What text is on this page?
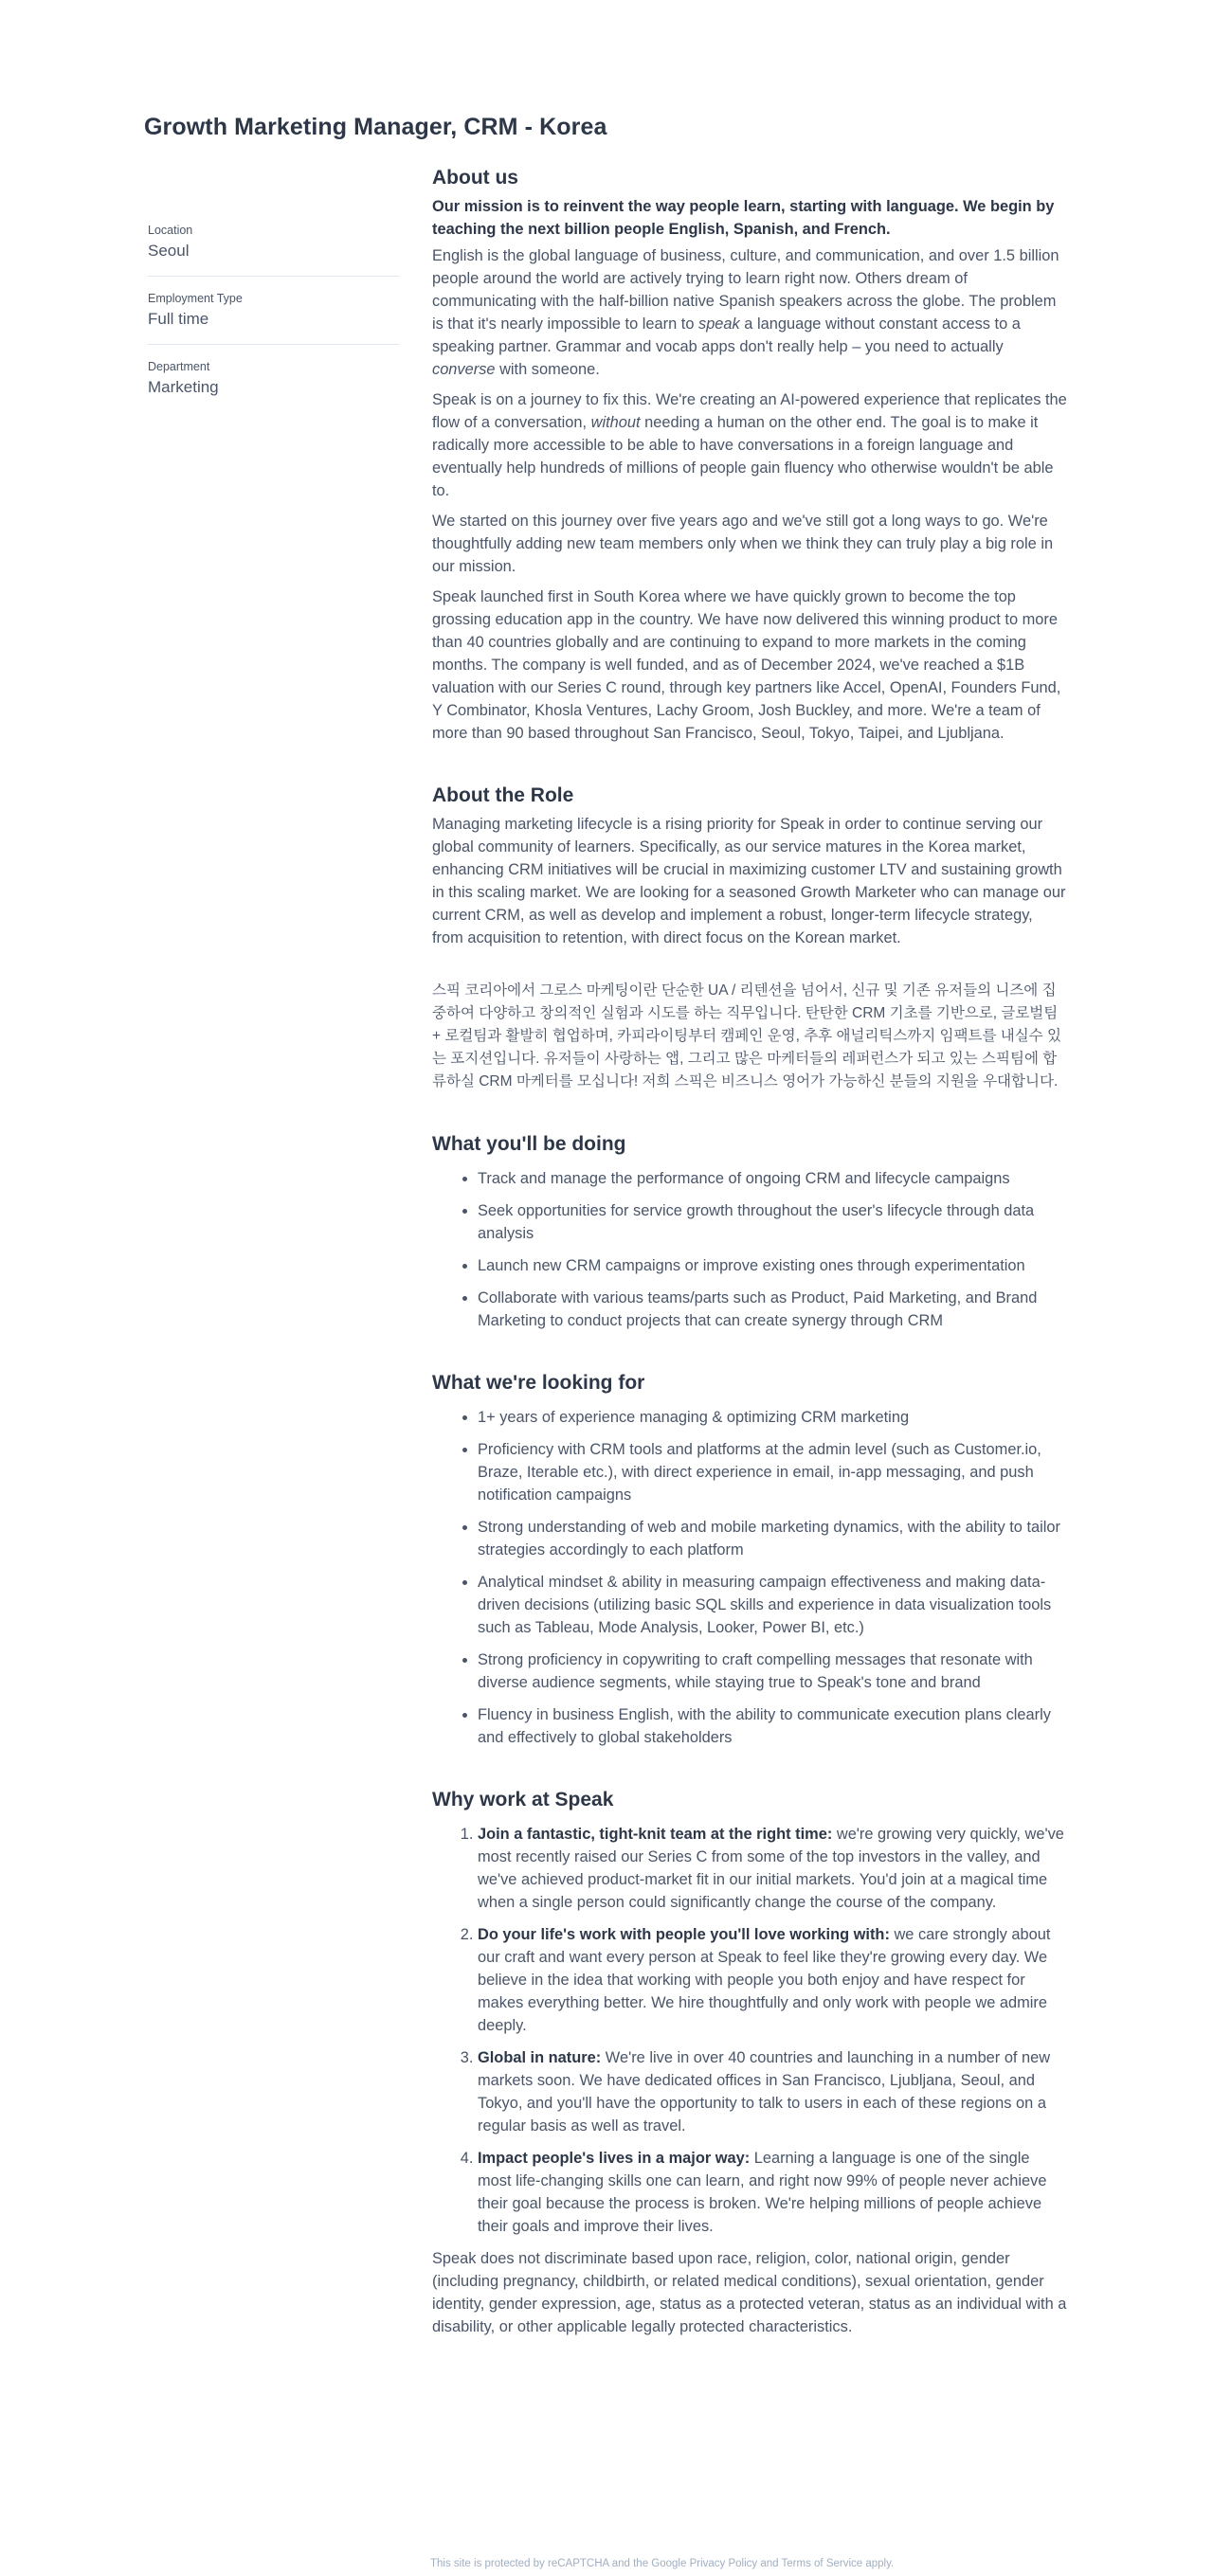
Growth Marketing Manager, CRM - Korea
Location
Seoul
Employment Type
Full time
Department
Marketing
About us

Our mission is to reinvent the way people learn, starting with language. We begin by teaching the next billion people English, Spanish, and French.

English is the global language of business, culture, and communication, and over 1.5 billion people around the world are actively trying to learn right now. Others dream of communicating with the half-billion native Spanish speakers across the globe. The problem is that it's nearly impossible to learn to speak a language without constant access to a speaking partner. Grammar and vocab apps don't really help – you need to actually converse with someone.

Speak is on a journey to fix this. We're creating an AI-powered experience that replicates the flow of a conversation, without needing a human on the other end. The goal is to make it radically more accessible to be able to have conversations in a foreign language and eventually help hundreds of millions of people gain fluency who otherwise wouldn't be able to.

We started on this journey over five years ago and we've still got a long ways to go. We're thoughtfully adding new team members only when we think they can truly play a big role in our mission.

Speak launched first in South Korea where we have quickly grown to become the top grossing education app in the country. We have now delivered this winning product to more than 40 countries globally and are continuing to expand to more markets in the coming months. The company is well funded, and as of December 2024, we've reached a $1B valuation with our Series C round, through key partners like Accel, OpenAI, Founders Fund, Y Combinator, Khosla Ventures, Lachy Groom, Josh Buckley, and more. We're a team of more than 90 based throughout San Francisco, Seoul, Tokyo, Taipei, and Ljubljana.

About the Role

Managing marketing lifecycle is a rising priority for Speak in order to continue serving our global community of learners. Specifically, as our service matures in the Korea market, enhancing CRM initiatives will be crucial in maximizing customer LTV and sustaining growth in this scaling market. We are looking for a seasoned Growth Marketer who can manage our current CRM, as well as develop and implement a robust, longer-term lifecycle strategy, from acquisition to retention, with direct focus on the Korean market.

스픽 코리아에서 그로스 마케팅이란 단순한 UA / 리텐션을 넘어서, 신규 및 기존 유저들의 니즈에 집중하여 다양하고 창의적인 실험과 시도를 하는 직무입니다. 탄탄한 CRM 기초를 기반으로, 글로벌팀 + 로컬팀과 활발히 협업하며, 카피라이팅부터 캠페인 운영, 추후 애널리틱스까지 임팩트를 내실수 있는 포지션입니다. 유저들이 사랑하는 앱, 그리고 많은 마케터들의 레퍼런스가 되고 있는 스픽팀에 합류하실 CRM 마케터를 모십니다! 저희 스픽은 비즈니스 영어가 가능하신 분들의 지원을 우대합니다.

What you'll be doing
• Track and manage the performance of ongoing CRM and lifecycle campaigns
• Seek opportunities for service growth throughout the user's lifecycle through data analysis
• Launch new CRM campaigns or improve existing ones through experimentation
• Collaborate with various teams/parts such as Product, Paid Marketing, and Brand Marketing to conduct projects that can create synergy through CRM
What we're looking for
• 1+ years of experience managing & optimizing CRM marketing
• Proficiency with CRM tools and platforms at the admin level (such as Customer.io, Braze, Iterable etc.), with direct experience in email, in-app messaging, and push notification campaigns
• Strong understanding of web and mobile marketing dynamics, with the ability to tailor strategies accordingly to each platform
• Analytical mindset & ability in measuring campaign effectiveness and making data-driven decisions (utilizing basic SQL skills and experience in data visualization tools such as Tableau, Mode Analysis, Looker, Power BI, etc.)
• Strong proficiency in copywriting to craft compelling messages that resonate with diverse audience segments, while staying true to Speak's tone and brand
• Fluency in business English, with the ability to communicate execution plans clearly and effectively to global stakeholders
Why work at Speak
1. Join a fantastic, tight-knit team at the right time: we're growing very quickly, we've most recently raised our Series C from some of the top investors in the valley, and we've achieved product-market fit in our initial markets. You'd join at a magical time when a single person could significantly change the course of the company.
2. Do your life's work with people you'll love working with: we care strongly about our craft and want every person at Speak to feel like they're growing every day. We believe in the idea that working with people you both enjoy and have respect for makes everything better. We hire thoughtfully and only work with people we admire deeply.
3. Global in nature: We're live in over 40 countries and launching in a number of new markets soon. We have dedicated offices in San Francisco, Ljubljana, Seoul, and Tokyo, and you'll have the opportunity to talk to users in each of these regions on a regular basis as well as travel.
4. Impact people's lives in a major way: Learning a language is one of the single most life-changing skills one can learn, and right now 99% of people never achieve their goal because the process is broken. We're helping millions of people achieve their goals and improve their lives.

Speak does not discriminate based upon race, religion, color, national origin, gender (including pregnancy, childbirth, or related medical conditions), sexual orientation, gender identity, gender expression, age, status as a protected veteran, status as an individual with a disability, or other applicable legally protected characteristics.

This site is protected by reCAPTCHA and the Google Privacy Policy and Terms of Service apply.
